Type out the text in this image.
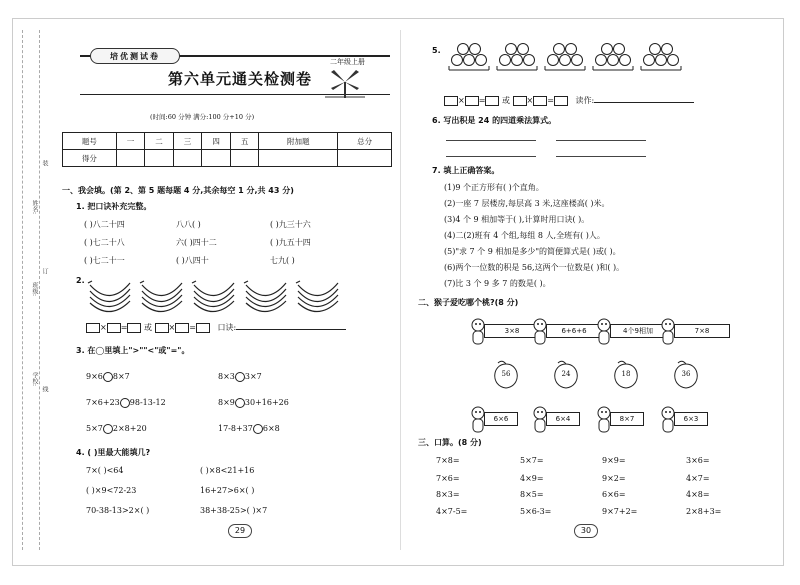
学校:
班级:
姓名:
装
订
线
培优测试卷
二年级上册
第六单元通关检测卷
(时间:60 分钟 满分:100 分+10 分)
题号	一	二	三	四	五	附加题	总分
得分							
一、我会填。(第 2、第 5 题每题 4 分,其余每空 1 分,共 43 分)
1. 把口诀补充完整。
( )八二十四	八八( )	( )九三十六
( )七二十八	六( )四十二	( )九五十四
( )七二十一	( )八四十	七九( )
2.
× = 或 × =	口诀:
3. 在◯里填上">""<"或"="。
9×6 8×7	8×3 3×7
7×6+23 98-13-12	8×9 30+16+26
5×7 2×8+20	17-8+37 6×8
4. ( )里最大能填几?
7×( )<64	( )×8<21+16
( )×9<72-23	16+27>6×( )
70-38-13>2×( )	38+38-25>( )×7
29
5.
× = 或 × =	读作:
6. 写出积是 24 的四道乘法算式。
7. 填上正确答案。
(1)9 个正方形有( )个直角。
(2)一座 7 层楼房,每层高 3 米,这座楼高( )米。
(3)4 个 9 相加等于( ),计算时用口诀( )。
(4)二(2)班有 4 个组,每组 8 人,全班有( )人。
(5)"求 7 个 9 相加是多少"的简便算式是( )或( )。
(6)两个一位数的积是 56,这两个一位数是( )和( )。
(7)比 3 个 9 多 7 的数是( )。
二、猴子爱吃哪个桃?(8 分)
3×8	6+6+6	4个9相加	7×8
56	24	18	36
6×6	6×4	8×7	6×3
三、口算。(8 分)
7×8=	5×7=	9×9=	3×6=
7×6=	4×9=	9×2=	4×7=
8×3=	8×5=	6×6=	4×8=
4×7-5=	5×6-3=	9×7+2=	2×8+3=
30
